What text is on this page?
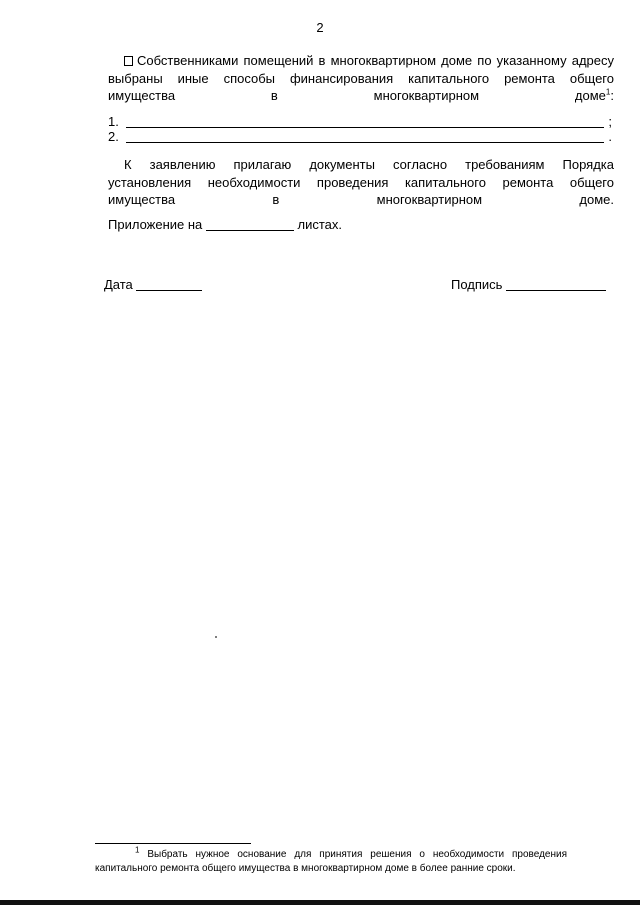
2
Собственниками помещений в многоквартирном доме по указанному адресу выбраны иные способы финансирования капитального ремонта общего имущества в многоквартирном доме$^1$:
1.	;
2.	.
К заявлению прилагаю документы согласно требованиям Порядка установления необходимости проведения капитального ремонта общего имущества в многоквартирном доме.
Приложение на	листах.
Дата	Подпись
$^1$ Выбрать нужное основание для принятия решения о необходимости проведения
капитального ремонта общего имущества в многоквартирном доме в более ранние сроки.
